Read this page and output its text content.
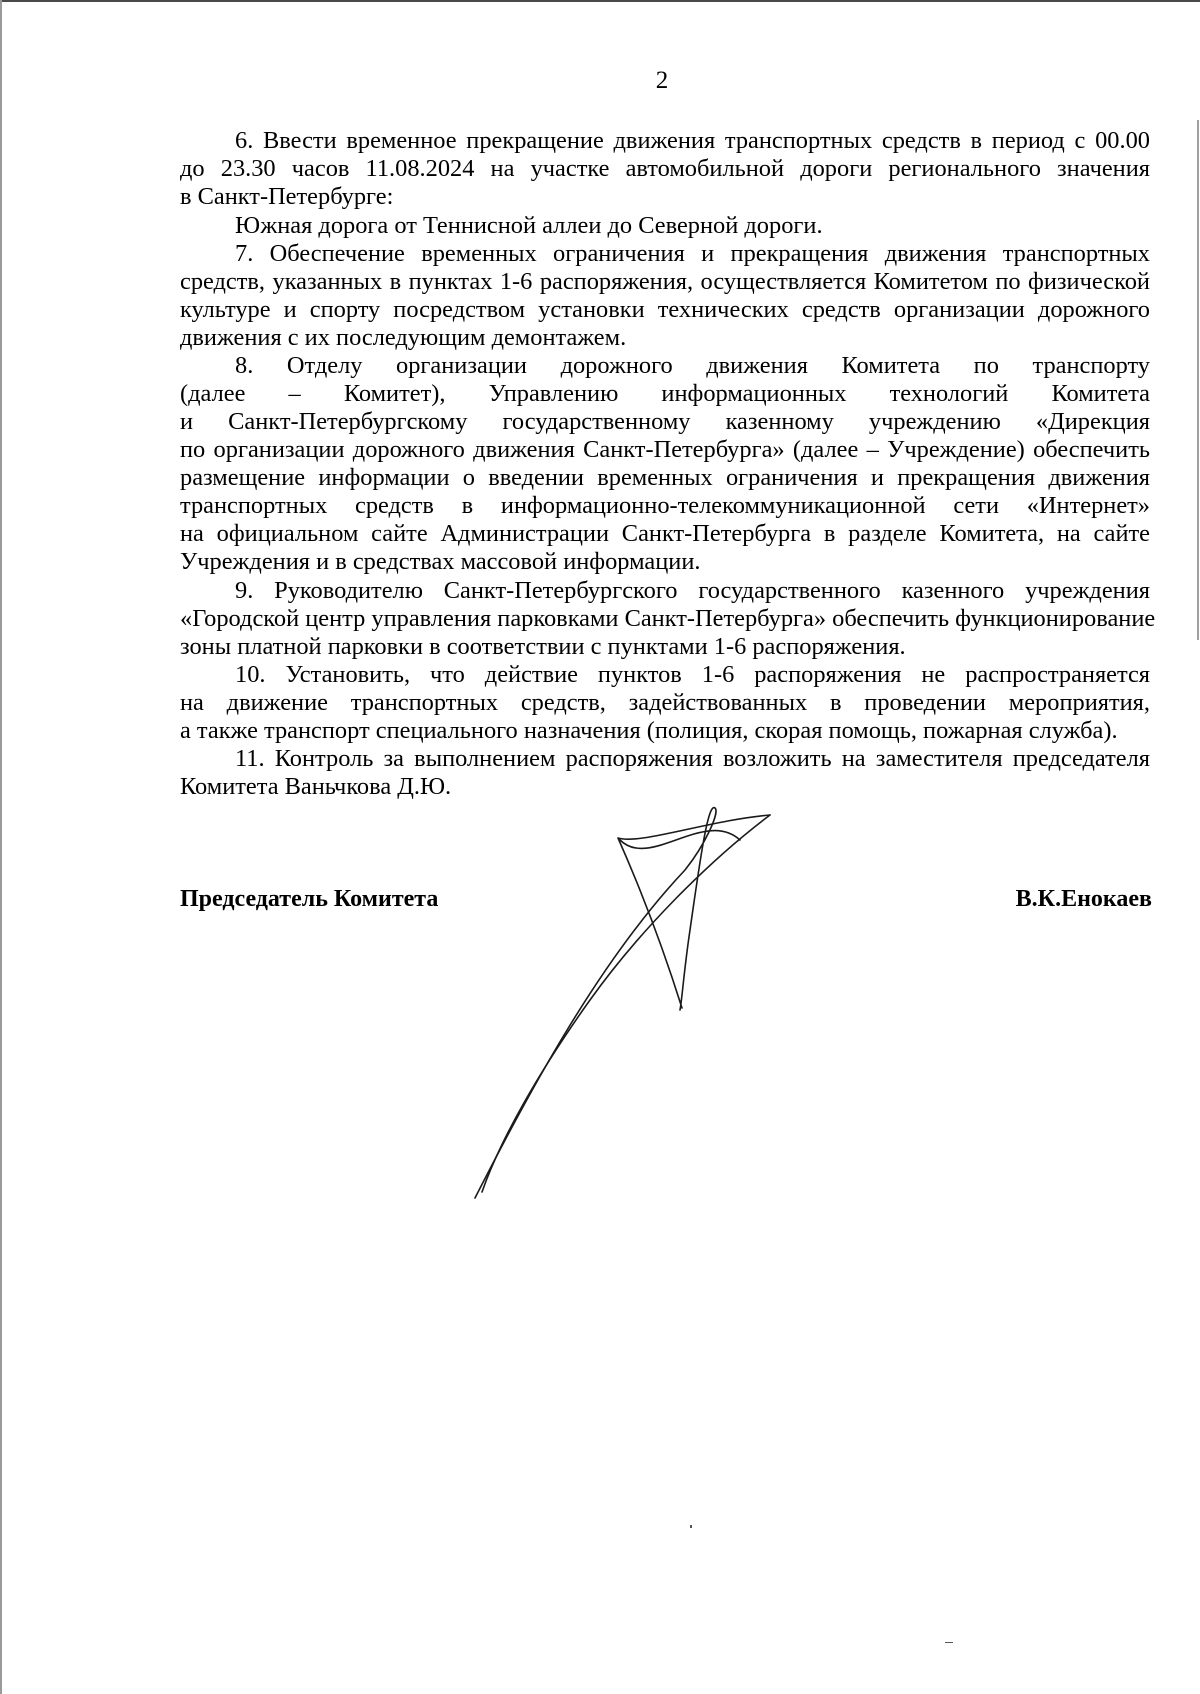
2
6. Ввести временное прекращение движения транспортных средств в период с 00.00
до 23.30 часов 11.08.2024 на участке автомобильной дороги регионального значения
в Санкт-Петербурге:
Южная дорога от Теннисной аллеи до Северной дороги.
7. Обеспечение временных ограничения и прекращения движения транспортных
средств, указанных в пунктах 1-6 распоряжения, осуществляется Комитетом по физической
культуре и спорту посредством установки технических средств организации дорожного
движения с их последующим демонтажем.
8. Отделу организации дорожного движения Комитета по транспорту
(далее – Комитет), Управлению информационных технологий Комитета
и Санкт-Петербургскому государственному казенному учреждению «Дирекция
по организации дорожного движения Санкт-Петербурга» (далее – Учреждение) обеспечить
размещение информации о введении временных ограничения и прекращения движения
транспортных средств в информационно-телекоммуникационной сети «Интернет»
на официальном сайте Администрации Санкт-Петербурга в разделе Комитета, на сайте
Учреждения и в средствах массовой информации.
9. Руководителю Санкт-Петербургского государственного казенного учреждения
«Городской центр управления парковками Санкт-Петербурга» обеспечить функционирование
зоны платной парковки в соответствии с пунктами 1-6 распоряжения.
10. Установить, что действие пунктов 1-6 распоряжения не распространяется
на движение транспортных средств, задействованных в проведении мероприятия,
а также транспорт специального назначения (полиция, скорая помощь, пожарная служба).
11. Контроль за выполнением распоряжения возложить на заместителя председателя
Комитета Ваньчкова Д.Ю.
Председатель Комитета	В.К.Енокаев
